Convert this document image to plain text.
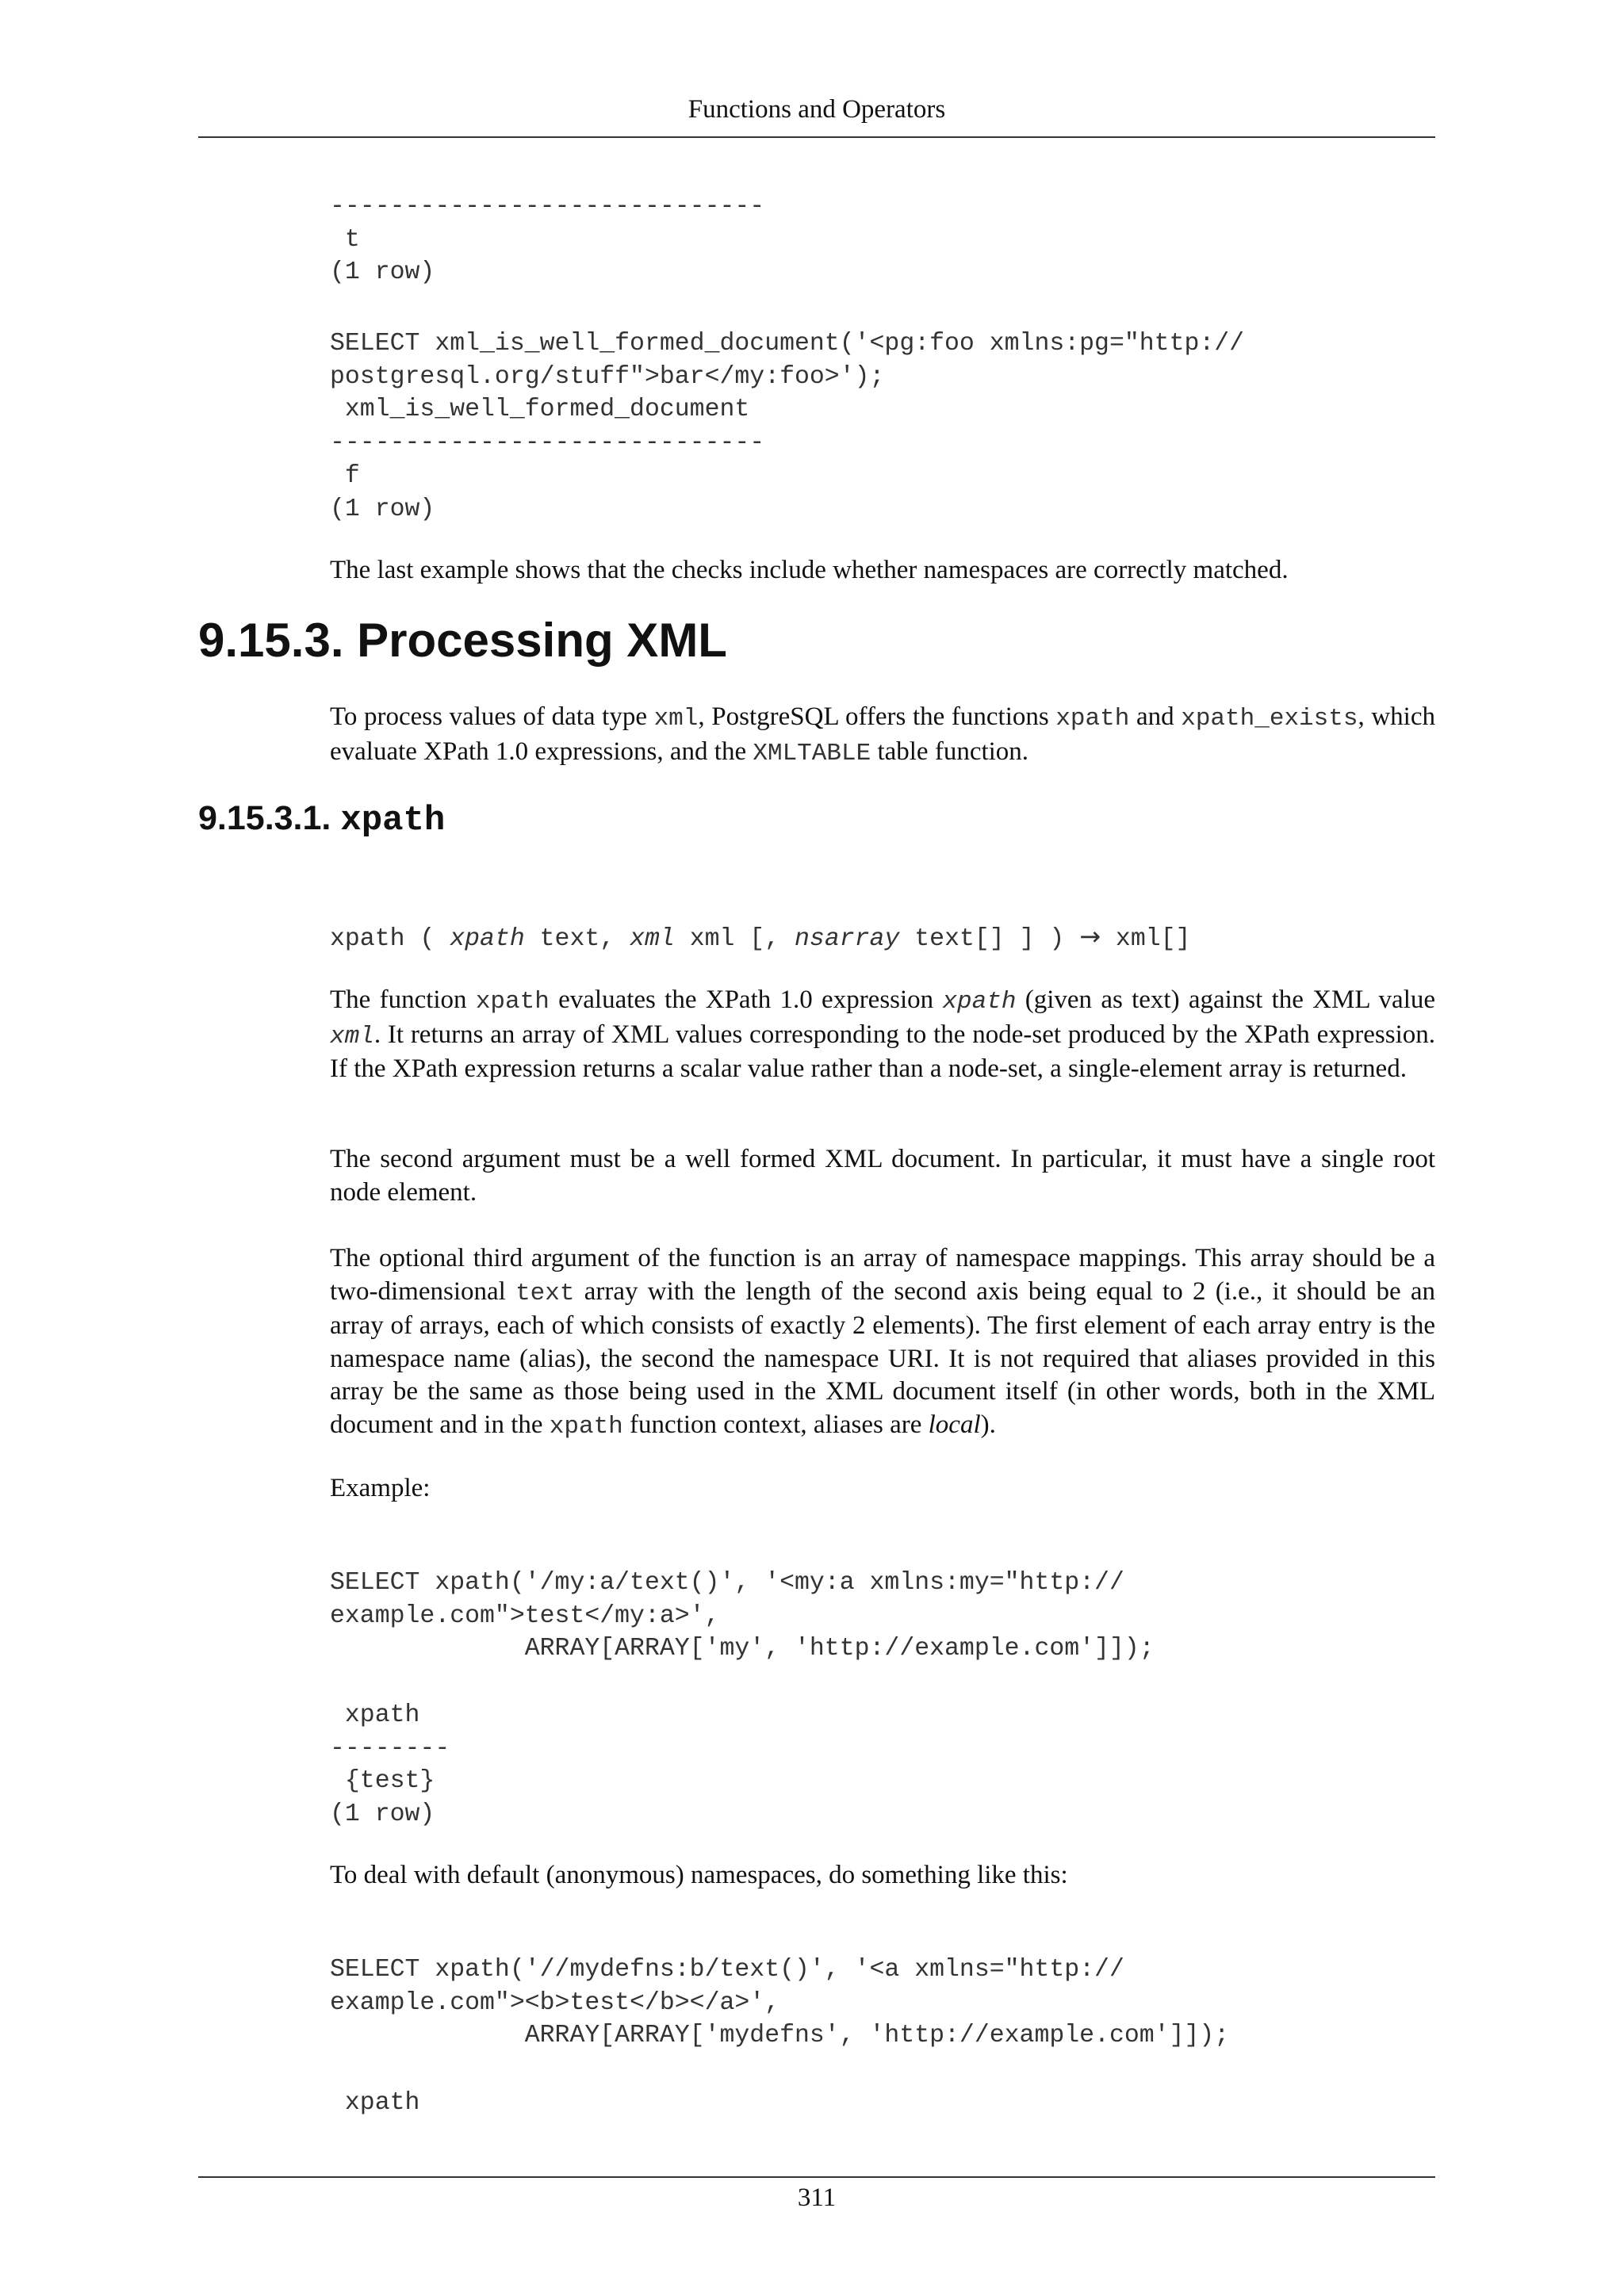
Functions and Operators
-----------------------------
t
(1 row)
SELECT xml_is_well_formed_document('<pg:foo xmlns:pg="http://
postgresql.org/stuff">bar</my:foo>');
xml_is_well_formed_document
-----------------------------
f
(1 row)

The last example shows that the checks include whether namespaces are correctly matched.

9.15.3. Processing XML

To process values of data type xml, PostgreSQL offers the functions xpath and xpath_exists, which evaluate XPath 1.0 expressions, and the XMLTABLE table function.

9.15.3.1. xpath
xpath ( xpath text, xml xml [, nsarray text[] ] ) → xml[]

The function xpath evaluates the XPath 1.0 expression xpath (given as text) against the XML value xml. It returns an array of XML values corresponding to the node-set produced by the XPath expression. If the XPath expression returns a scalar value rather than a node-set, a single-element array is returned.

The second argument must be a well formed XML document. In particular, it must have a single root node element.

The optional third argument of the function is an array of namespace mappings. This array should be a two-dimensional text array with the length of the second axis being equal to 2 (i.e., it should be an array of arrays, each of which consists of exactly 2 elements). The first element of each array entry is the namespace name (alias), the second the namespace URI. It is not required that aliases provided in this array be the same as those being used in the XML document itself (in other words, both in the XML document and in the xpath function context, aliases are local).

Example:

SELECT xpath('/my:a/text()', '<my:a xmlns:my="http://
example.com">test</my:a>',
ARRAY[ARRAY['my', 'http://example.com']]);
xpath
--------
{test}
(1 row)

To deal with default (anonymous) namespaces, do something like this:

SELECT xpath('//mydefns:b/text()', '<a xmlns="http://
example.com"><b>test</b></a>',
ARRAY[ARRAY['mydefns', 'http://example.com']]);
xpath
311
